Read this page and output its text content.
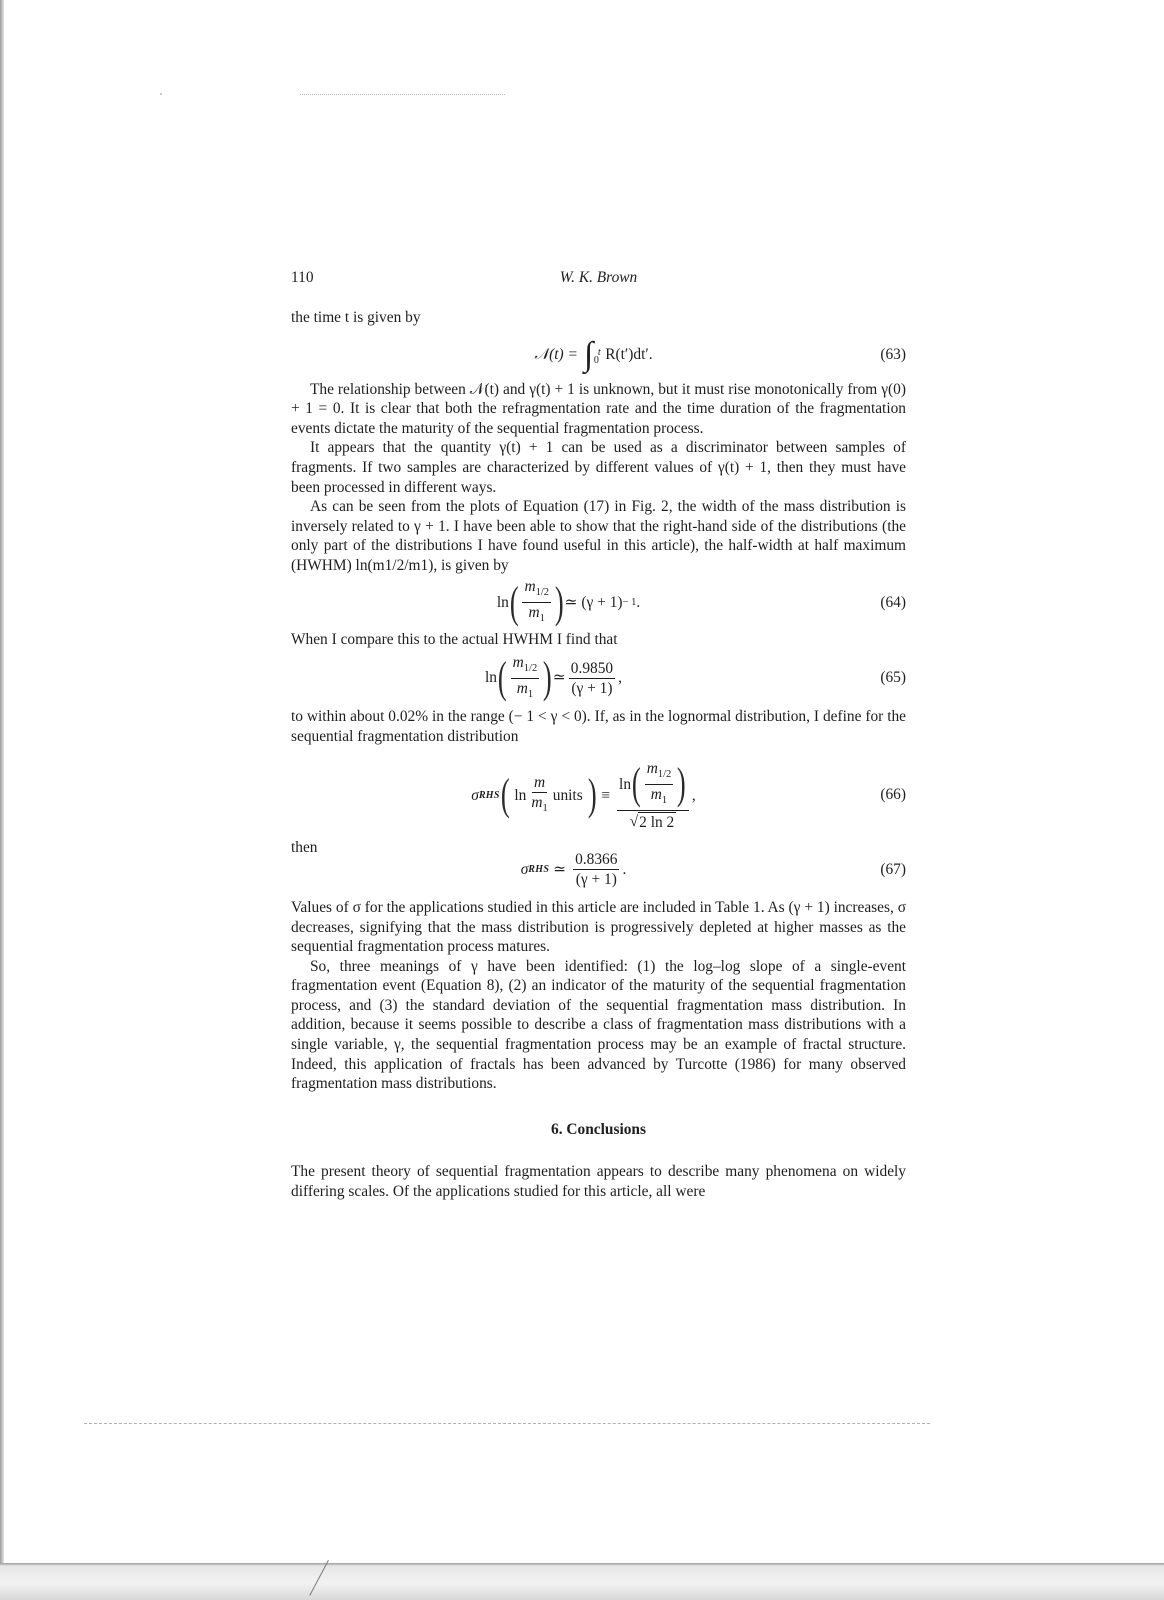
110	W. K. Brown

the time t is given by

𝒩(t) = ∫ t
0 R(t′)dt′.	(63)

The relationship between 𝒩(t) and γ(t) + 1 is unknown, but it must rise monotonically from γ(0) + 1 = 0. It is clear that both the refragmentation rate and the time duration of the fragmentation events dictate the maturity of the sequential fragmentation process.

It appears that the quantity γ(t) + 1 can be used as a discriminator between samples of fragments. If two samples are characterized by different values of γ(t) + 1, then they must have been processed in different ways.

As can be seen from the plots of Equation (17) in Fig. 2, the width of the mass distribution is inversely related to γ + 1. I have been able to show that the right-hand side of the distributions (the only part of the distributions I have found useful in this article), the half-width at half maximum (HWHM) ln(m1/2/m1), is given by

ln ( $\frac{m_{1/2}}{m_1}$ ) ≃ (γ + 1) − 1 .	(64)

When I compare this to the actual HWHM I find that

ln ( $\frac{m_{1/2}}{m_1}$ ) ≃ $\frac{0.9850}{(\gamma + 1)}$ ,	(65)

to within about 0.02% in the range (− 1 < γ < 0). If, as in the lognormal distribution, I define for the sequential fragmentation distribution

σ RHS ( $\ln \frac{m}{m_1}$ units ) ≡
ln ( $\frac{m_{1/2}}{m_1}$ )
√ 2 ln 2
,	(66)

then

σ RHS ≃ $\frac{0.8366}{(\gamma + 1)}$ .	(67)

Values of σ for the applications studied in this article are included in Table 1. As (γ + 1) increases, σ decreases, signifying that the mass distribution is progressively depleted at higher masses as the sequential fragmentation process matures.

So, three meanings of γ have been identified: (1) the log–log slope of a single-event fragmentation event (Equation 8), (2) an indicator of the maturity of the sequential fragmentation process, and (3) the standard deviation of the sequential fragmentation mass distribution. In addition, because it seems possible to describe a class of fragmentation mass distributions with a single variable, γ, the sequential fragmentation process may be an example of fractal structure. Indeed, this application of fractals has been advanced by Turcotte (1986) for many observed fragmentation mass distributions.

6. Conclusions

The present theory of sequential fragmentation appears to describe many phenomena on widely differing scales. Of the applications studied for this article, all were
